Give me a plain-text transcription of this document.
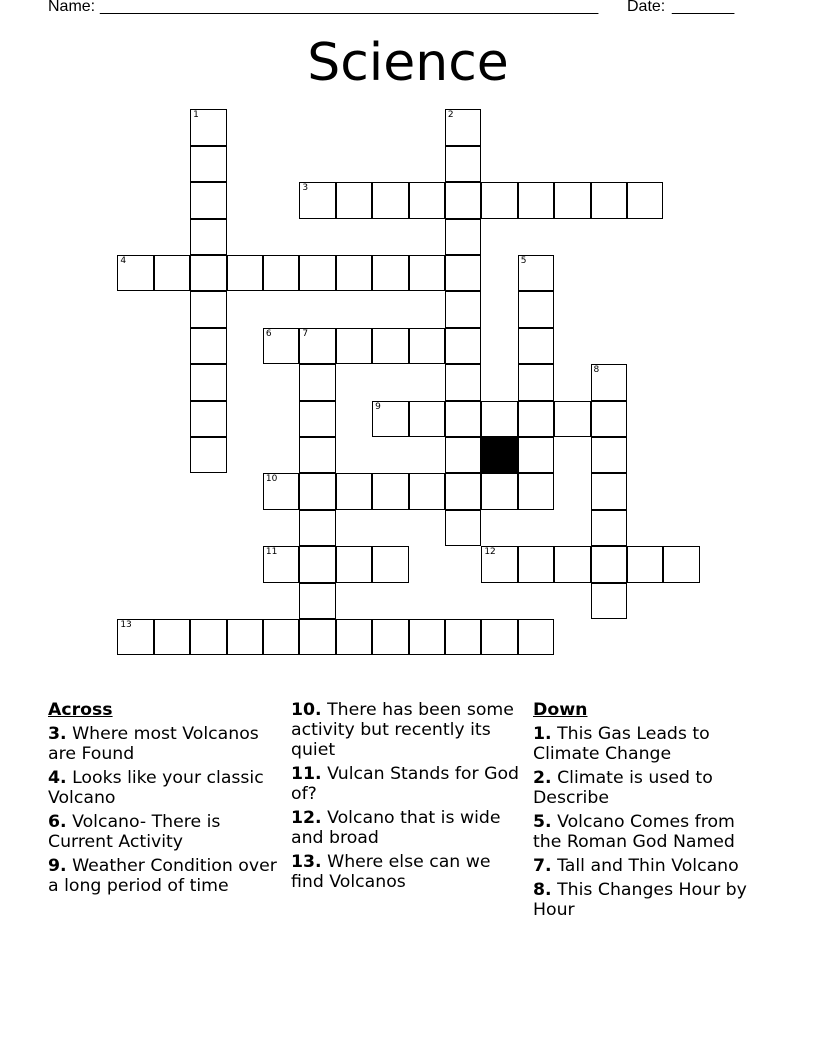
Name: ________________________________________________________ Date: _______
Science
1	2
3
4	5
6	7
8
9
10
11	12
13
Across
3. Where most Volcanos are Found
4. Looks like your classic Volcano
6. Volcano- There is Current Activity
9. Weather Condition over a long period of time
10. There has been some activity but recently its quiet
11. Vulcan Stands for God of?
12. Volcano that is wide and broad
13. Where else can we find Volcanos
Down
1. This Gas Leads to Climate Change
2. Climate is used to Describe
5. Volcano Comes from the Roman God Named
7. Tall and Thin Volcano
8. This Changes Hour by Hour
